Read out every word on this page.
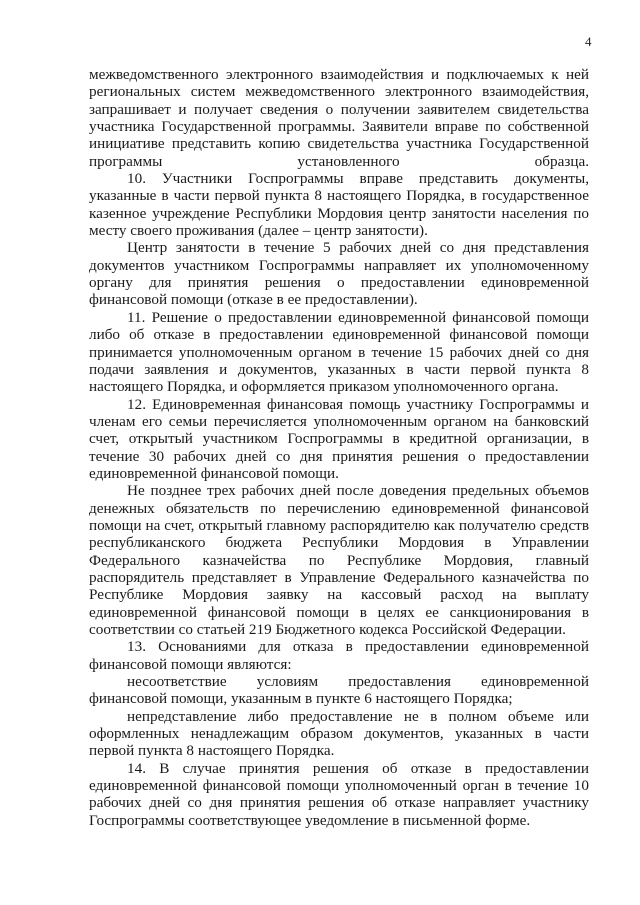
4

межведомственного электронного взаимодействия и подключаемых к ней региональных систем межведомственного электронного взаимодействия, запрашивает и получает сведения о получении заявителем свидетельства участника Государственной программы. Заявители вправе по собственной инициативе представить копию свидетельства участника Государственной программы установленного образца.

10. Участники Госпрограммы вправе представить документы, указанные в части первой пункта 8 настоящего Порядка, в государственное казенное учреждение Республики Мордовия центр занятости населения по месту своего проживания (далее – центр занятости).

Центр занятости в течение 5 рабочих дней со дня представления документов участником Госпрограммы направляет их уполномоченному органу для принятия решения о предоставлении единовременной финансовой помощи (отказе в ее предоставлении).

11. Решение о предоставлении единовременной финансовой помощи либо об отказе в предоставлении единовременной финансовой помощи принимается уполномоченным органом в течение 15 рабочих дней со дня подачи заявления и документов, указанных в части первой пункта 8 настоящего Порядка, и оформляется приказом уполномоченного органа.

12. Единовременная финансовая помощь участнику Госпрограммы и членам его семьи перечисляется уполномоченным органом на банковский счет, открытый участником Госпрограммы в кредитной организации, в течение 30 рабочих дней со дня принятия решения о предоставлении единовременной финансовой помощи.

Не позднее трех рабочих дней после доведения предельных объемов денежных обязательств по перечислению единовременной финансовой помощи на счет, открытый главному распорядителю как получателю средств республиканского бюджета Республики Мордовия в Управлении Федерального казначейства по Республике Мордовия, главный распорядитель представляет в Управление Федерального казначейства по Республике Мордовия заявку на кассовый расход на выплату единовременной финансовой помощи в целях ее санкционирования в соответствии со статьей 219 Бюджетного кодекса Российской Федерации.

13. Основаниями для отказа в предоставлении единовременной финансовой помощи являются:

несоответствие условиям предоставления единовременной финансовой помощи, указанным в пункте 6 настоящего Порядка;

непредставление либо предоставление не в полном объеме или оформленных ненадлежащим образом документов, указанных в части первой пункта 8 настоящего Порядка.

14. В случае принятия решения об отказе в предоставлении единовременной финансовой помощи уполномоченный орган в течение 10 рабочих дней со дня принятия решения об отказе направляет участнику Госпрограммы соответствующее уведомление в письменной форме.
